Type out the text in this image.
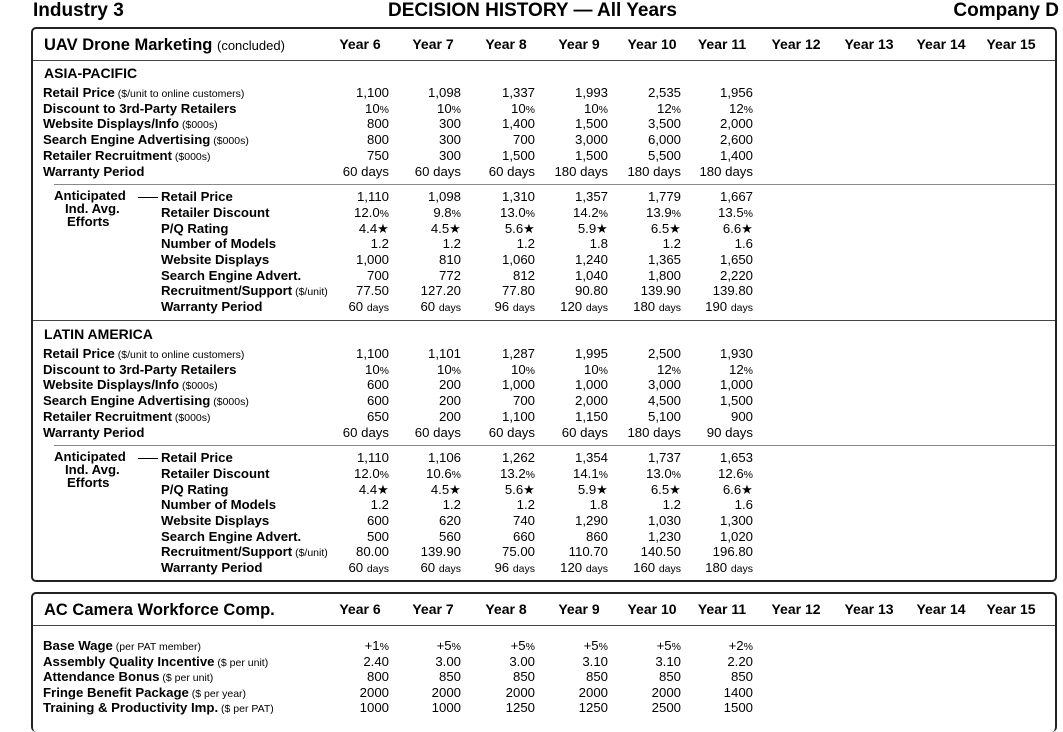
Industry 3	DECISION HISTORY — All Years	Company D
UAV Drone Marketing (concluded)	Year 6	Year 7	Year 8	Year 9	Year 10	Year 11	Year 12	Year 13	Year 14	Year 15
ASIA-PACIFIC
Retail Price ($/unit to online customers)	1,100	1,098	1,337	1,993	2,535	1,956
Discount to 3rd-Party Retailers	10%	10%	10%	10%	12%	12%
Website Displays/Info ($000s)	800	300	1,400	1,500	3,500	2,000
Search Engine Advertising ($000s)	800	300	700	3,000	6,000	2,600
Retailer Recruitment ($000s)	750	300	1,500	1,500	5,500	1,400
Warranty Period	60 days	60 days	60 days	180 days	180 days	180 days
Anticipated
Ind. Avg.
Efforts
Retail Price	1,110	1,098	1,310	1,357	1,779	1,667
Retailer Discount	12.0%	9.8%	13.0%	14.2%	13.9%	13.5%
P/Q Rating	4.4★	4.5★	5.6★	5.9★	6.5★	6.6★
Number of Models	1.2	1.2	1.2	1.8	1.2	1.6
Website Displays	1,000	810	1,060	1,240	1,365	1,650
Search Engine Advert.	700	772	812	1,040	1,800	2,220
Recruitment/Support ($/unit)	77.50	127.20	77.80	90.80	139.90	139.80
Warranty Period	60 days	60 days	96 days	120 days	180 days	190 days
LATIN AMERICA
Retail Price ($/unit to online customers)	1,100	1,101	1,287	1,995	2,500	1,930
Discount to 3rd-Party Retailers	10%	10%	10%	10%	12%	12%
Website Displays/Info ($000s)	600	200	1,000	1,000	3,000	1,000
Search Engine Advertising ($000s)	600	200	700	2,000	4,500	1,500
Retailer Recruitment ($000s)	650	200	1,100	1,150	5,100	900
Warranty Period	60 days	60 days	60 days	60 days	180 days	90 days
Anticipated
Ind. Avg.
Efforts
Retail Price	1,110	1,106	1,262	1,354	1,737	1,653
Retailer Discount	12.0%	10.6%	13.2%	14.1%	13.0%	12.6%
P/Q Rating	4.4★	4.5★	5.6★	5.9★	6.5★	6.6★
Number of Models	1.2	1.2	1.2	1.8	1.2	1.6
Website Displays	600	620	740	1,290	1,030	1,300
Search Engine Advert.	500	560	660	860	1,230	1,020
Recruitment/Support ($/unit)	80.00	139.90	75.00	110.70	140.50	196.80
Warranty Period	60 days	60 days	96 days	120 days	160 days	180 days
AC Camera Workforce Comp.	Year 6	Year 7	Year 8	Year 9	Year 10	Year 11	Year 12	Year 13	Year 14	Year 15
Base Wage (per PAT member)	+1%	+5%	+5%	+5%	+5%	+2%
Assembly Quality Incentive ($ per unit)	2.40	3.00	3.00	3.10	3.10	2.20
Attendance Bonus ($ per unit)	800	850	850	850	850	850
Fringe Benefit Package ($ per year)	2000	2000	2000	2000	2000	1400
Training & Productivity Imp. ($ per PAT)	1000	1000	1250	1250	2500	1500
